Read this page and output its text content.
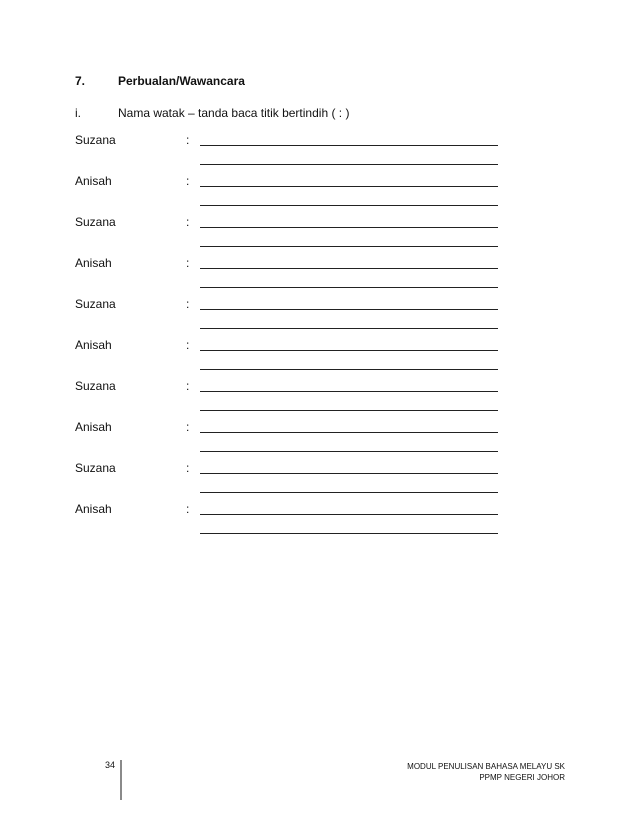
7.	Perbualan/Wawancara
i.	Nama watak – tanda baca titik bertindih ( : )
Suzana	:
Anisah	:
Suzana	:
Anisah	:
Suzana	:
Anisah	:
Suzana	:
Anisah	:
Suzana	:
Anisah	:
34	MODUL PENULISAN BAHASA MELAYU SK
PPMP NEGERI JOHOR
